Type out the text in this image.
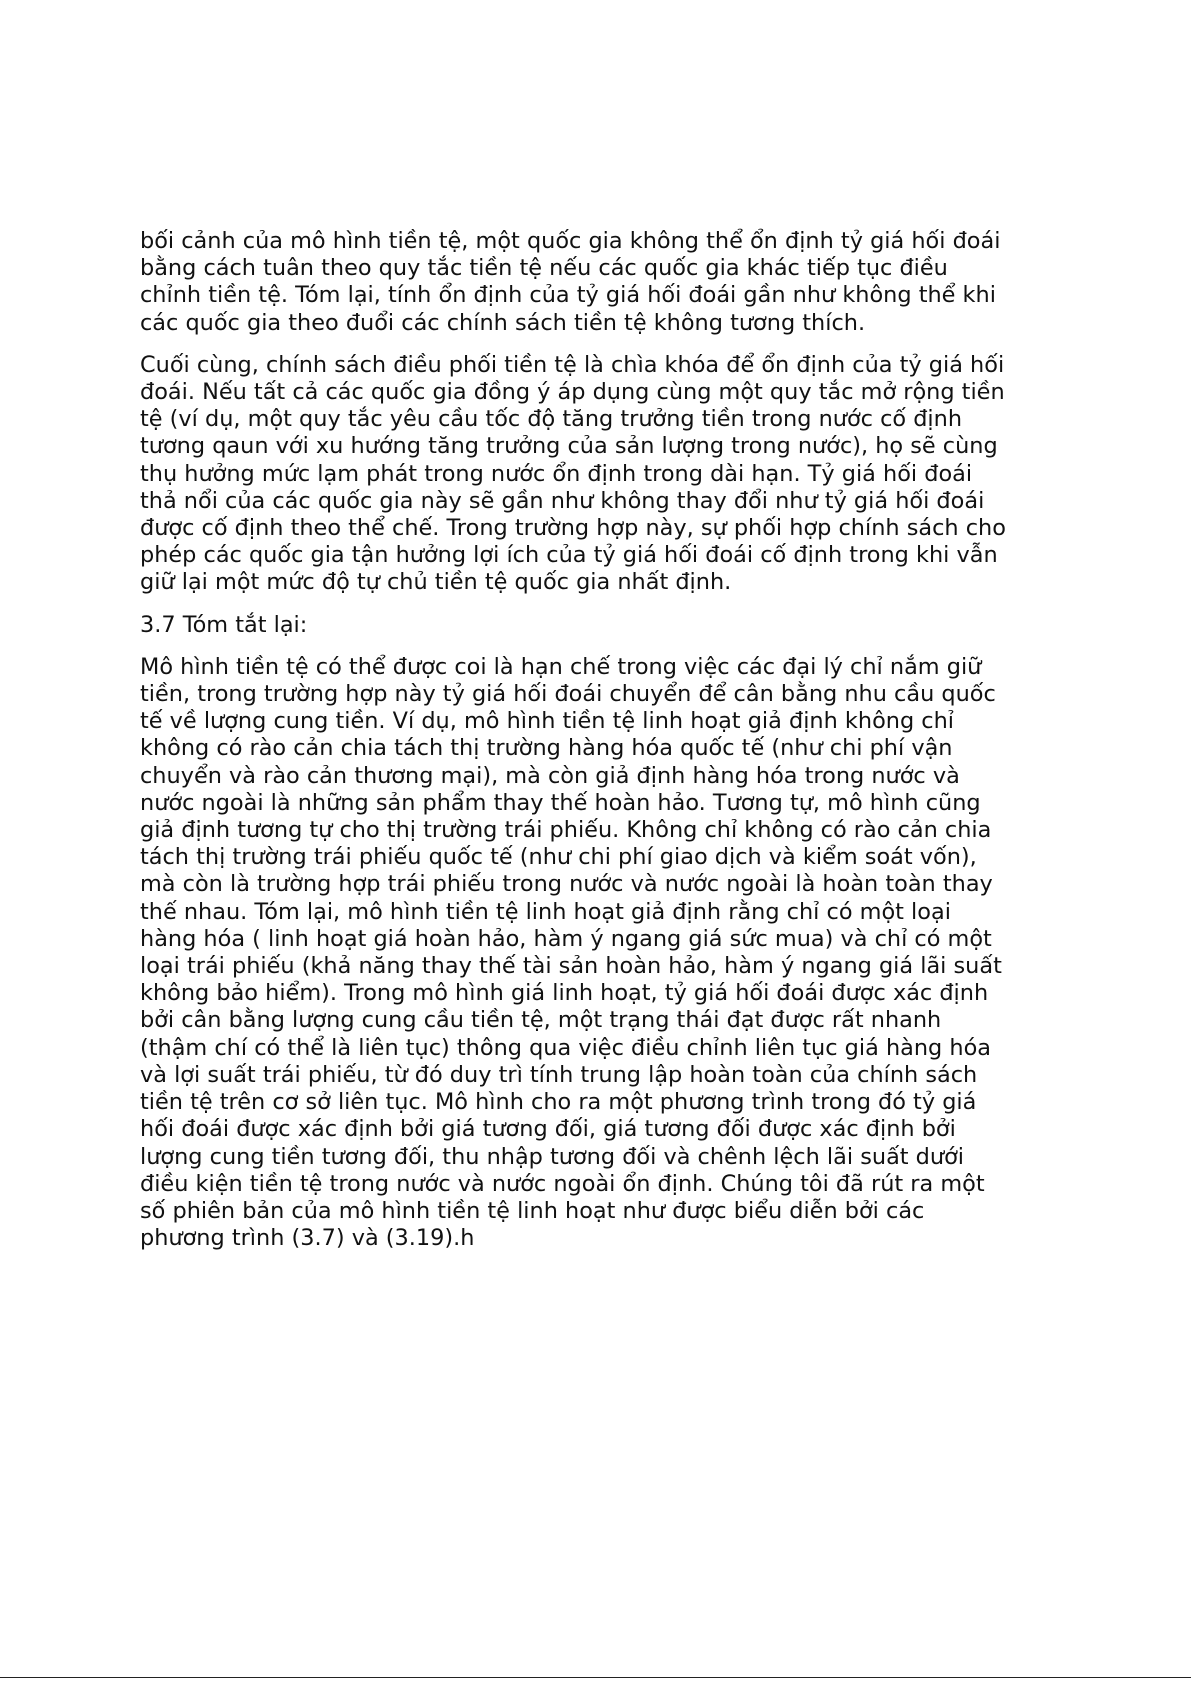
bối cảnh của mô hình tiền tệ, một quốc gia không thể ổn định tỷ giá hối đoái
bằng cách tuân theo quy tắc tiền tệ nếu các quốc gia khác tiếp tục điều
chỉnh tiền tệ. Tóm lại, tính ổn định của tỷ giá hối đoái gần như không thể khi
các quốc gia theo đuổi các chính sách tiền tệ không tương thích.

Cuối cùng, chính sách điều phối tiền tệ là chìa khóa để ổn định của tỷ giá hối
đoái. Nếu tất cả các quốc gia đồng ý áp dụng cùng một quy tắc mở rộng tiền
tệ (ví dụ, một quy tắc yêu cầu tốc độ tăng trưởng tiền trong nước cố định
tương qaun với xu hướng tăng trưởng của sản lượng trong nước), họ sẽ cùng
thụ hưởng mức lạm phát trong nước ổn định trong dài hạn. Tỷ giá hối đoái
thả nổi của các quốc gia này sẽ gần như không thay đổi như tỷ giá hối đoái
được cố định theo thể chế. Trong trường hợp này, sự phối hợp chính sách cho
phép các quốc gia tận hưởng lợi ích của tỷ giá hối đoái cố định trong khi vẫn
giữ lại một mức độ tự chủ tiền tệ quốc gia nhất định.

3.7 Tóm tắt lại:

Mô hình tiền tệ có thể được coi là hạn chế trong việc các đại lý chỉ nắm giữ
tiền, trong trường hợp này tỷ giá hối đoái chuyển để cân bằng nhu cầu quốc
tế về lượng cung tiền. Ví dụ, mô hình tiền tệ linh hoạt giả định không chỉ
không có rào cản chia tách thị trường hàng hóa quốc tế (như chi phí vận
chuyển và rào cản thương mại), mà còn giả định hàng hóa trong nước và
nước ngoài là những sản phẩm thay thế hoàn hảo. Tương tự, mô hình cũng
giả định tương tự cho thị trường trái phiếu. Không chỉ không có rào cản chia
tách thị trường trái phiếu quốc tế (như chi phí giao dịch và kiểm soát vốn),
mà còn là trường hợp trái phiếu trong nước và nước ngoài là hoàn toàn thay
thế nhau. Tóm lại, mô hình tiền tệ linh hoạt giả định rằng chỉ có một loại
hàng hóa ( linh hoạt giá hoàn hảo, hàm ý ngang giá sức mua) và chỉ có một
loại trái phiếu (khả năng thay thế tài sản hoàn hảo, hàm ý ngang giá lãi suất
không bảo hiểm). Trong mô hình giá linh hoạt, tỷ giá hối đoái được xác định
bởi cân bằng lượng cung cầu tiền tệ, một trạng thái đạt được rất nhanh
(thậm chí có thể là liên tục) thông qua việc điều chỉnh liên tục giá hàng hóa
và lợi suất trái phiếu, từ đó duy trì tính trung lập hoàn toàn của chính sách
tiền tệ trên cơ sở liên tục. Mô hình cho ra một phương trình trong đó tỷ giá
hối đoái được xác định bởi giá tương đối, giá tương đối được xác định bởi
lượng cung tiền tương đối, thu nhập tương đối và chênh lệch lãi suất dưới
điều kiện tiền tệ trong nước và nước ngoài ổn định. Chúng tôi đã rút ra một
số phiên bản của mô hình tiền tệ linh hoạt như được biểu diễn bởi các
phương trình (3.7) và (3.19).h
